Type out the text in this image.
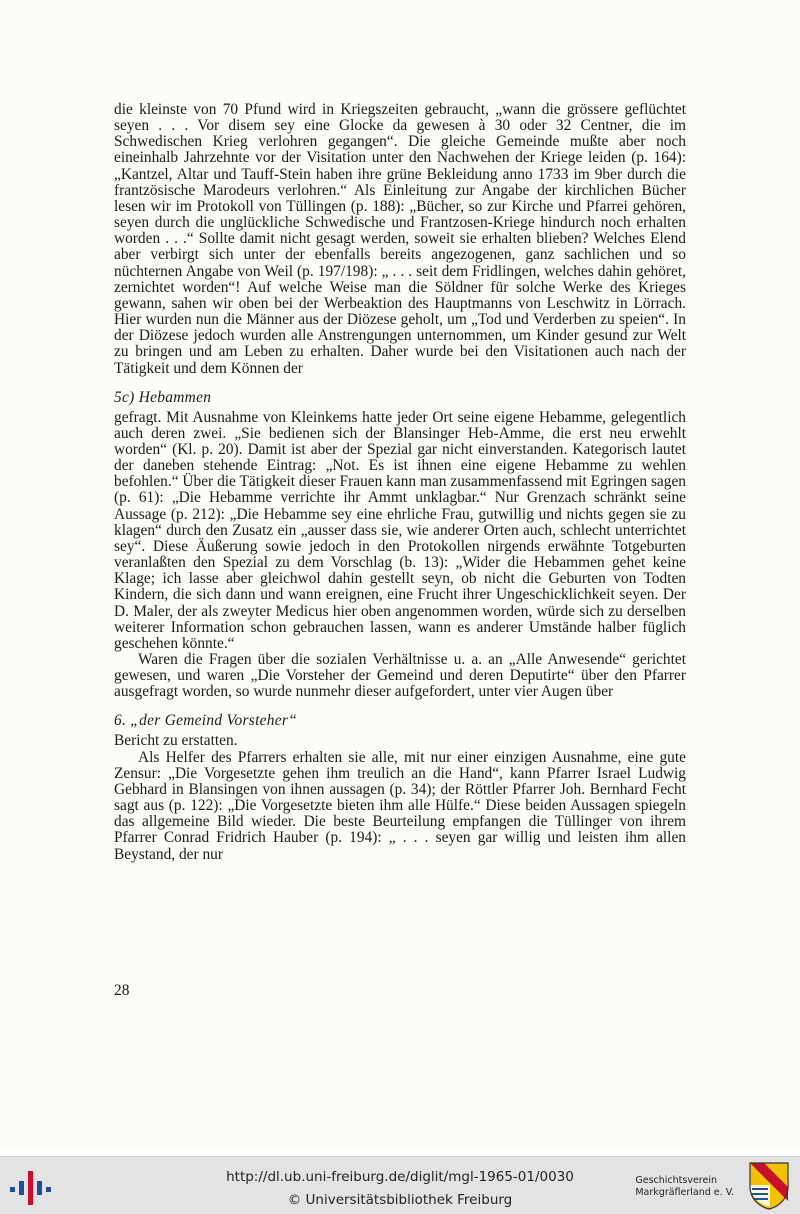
die kleinste von 70 Pfund wird in Kriegszeiten gebraucht, „wann die grössere geflüchtet seyen . . . Vor disem sey eine Glocke da gewesen à 30 oder 32 Centner, die im Schwedischen Krieg verlohren gegangen“. Die gleiche Gemeinde mußte aber noch eineinhalb Jahrzehnte vor der Visitation unter den Nachwehen der Kriege leiden (p. 164): „Kantzel, Altar und Tauff-Stein haben ihre grüne Bekleidung anno 1733 im 9ber durch die frantzösische Marodeurs verlohren.“ Als Einleitung zur Angabe der kirchlichen Bücher lesen wir im Protokoll von Tüllingen (p. 188): „Bücher, so zur Kirche und Pfarrei gehören, seyen durch die unglückliche Schwedische und Frantzosen-Kriege hindurch noch erhalten worden . . .“ Sollte damit nicht gesagt werden, soweit sie erhalten blieben? Welches Elend aber verbirgt sich unter der ebenfalls bereits angezogenen, ganz sachlichen und so nüchternen Angabe von Weil (p. 197/198): „ . . . seit dem Fridlingen, welches dahin gehöret, zernichtet worden“! Auf welche Weise man die Söldner für solche Werke des Krieges gewann, sahen wir oben bei der Werbeaktion des Hauptmanns von Leschwitz in Lörrach. Hier wurden nun die Männer aus der Diözese geholt, um „Tod und Verderben zu speien“. In der Diözese jedoch wurden alle Anstrengungen unternommen, um Kinder gesund zur Welt zu bringen und am Leben zu erhalten. Daher wurde bei den Visitationen auch nach der Tätigkeit und dem Können der

5c) Hebammen

gefragt. Mit Ausnahme von Kleinkems hatte jeder Ort seine eigene Hebamme, gelegentlich auch deren zwei. „Sie bedienen sich der Blansinger Heb-Amme, die erst neu erwehlt worden“ (Kl. p. 20). Damit ist aber der Spezial gar nicht einverstanden. Kategorisch lautet der daneben stehende Eintrag: „Not. Es ist ihnen eine eigene Hebamme zu wehlen befohlen.“ Über die Tätigkeit dieser Frauen kann man zusammenfassend mit Egringen sagen (p. 61): „Die Hebamme verrichte ihr Ammt unklagbar.“ Nur Grenzach schränkt seine Aussage (p. 212): „Die Hebamme sey eine ehrliche Frau, gutwillig und nichts gegen sie zu klagen“ durch den Zusatz ein „ausser dass sie, wie anderer Orten auch, schlecht unterrichtet sey“. Diese Äußerung sowie jedoch in den Protokollen nirgends erwähnte Totgeburten veranlaßten den Spezial zu dem Vorschlag (b. 13): „Wider die Hebammen gehet keine Klage; ich lasse aber gleichwol dahin gestellt seyn, ob nicht die Geburten von Todten Kindern, die sich dann und wann ereignen, eine Frucht ihrer Ungeschicklichkeit seyen. Der D. Maler, der als zweyter Medicus hier oben angenommen worden, würde sich zu derselben weiterer Information schon gebrauchen lassen, wann es anderer Umstände halber füglich geschehen könnte.“

Waren die Fragen über die sozialen Verhältnisse u. a. an „Alle Anwesende“ gerichtet gewesen, und waren „Die Vorsteher der Gemeind und deren Deputirte“ über den Pfarrer ausgefragt worden, so wurde nunmehr dieser aufgefordert, unter vier Augen über

6. „der Gemeind Vorsteher“

Bericht zu erstatten.

Als Helfer des Pfarrers erhalten sie alle, mit nur einer einzigen Ausnahme, eine gute Zensur: „Die Vorgesetzte gehen ihm treulich an die Hand“, kann Pfarrer Israel Ludwig Gebhard in Blansingen von ihnen aussagen (p. 34); der Röttler Pfarrer Joh. Bernhard Fecht sagt aus (p. 122): „Die Vorgesetzte bieten ihm alle Hülfe.“ Diese beiden Aussagen spiegeln das allgemeine Bild wieder. Die beste Beurteilung empfangen die Tüllinger von ihrem Pfarrer Conrad Fridrich Hauber (p. 194): „ . . . seyen gar willig und leisten ihm allen Beystand, der nur

28
http://dl.ub.uni-freiburg.de/diglit/mgl-1965-01/0030
© Universitätsbibliothek Freiburg
Geschichtsverein
Markgräflerland e. V.
